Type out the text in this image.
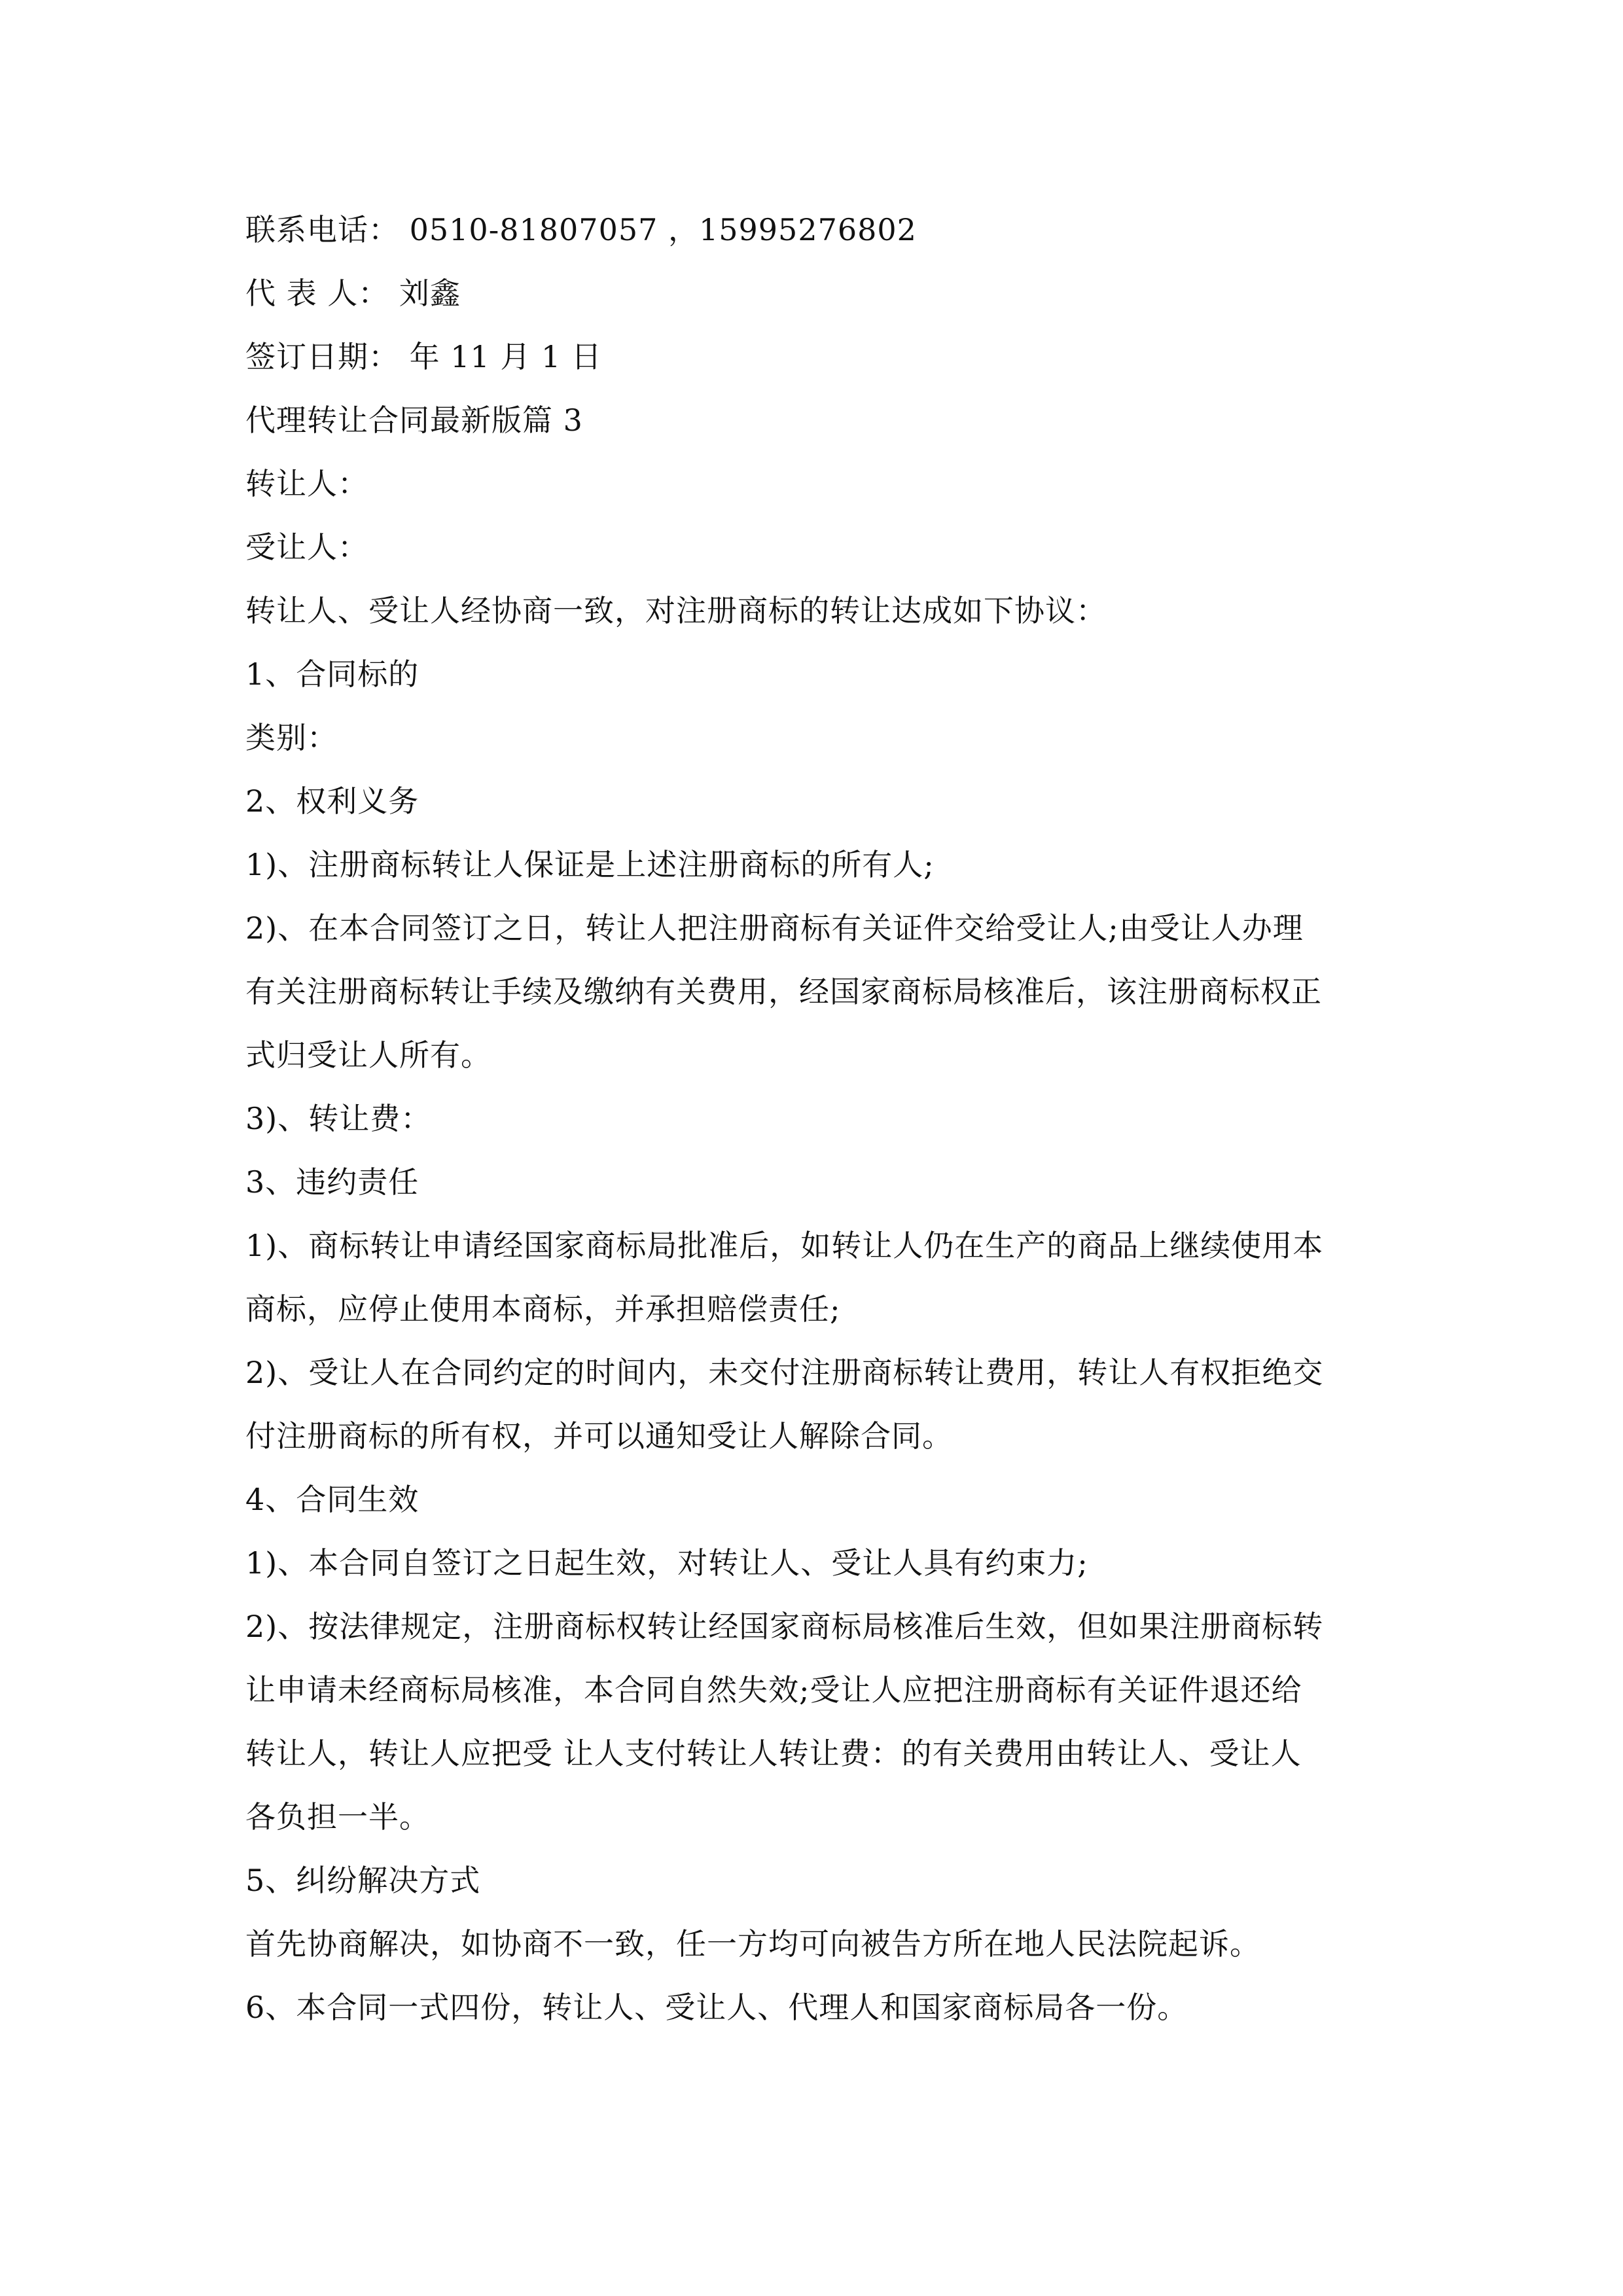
联系电话： 0510-81807057 ，15995276802

代 表 人： 刘鑫

签订日期： 年 11 月 1 日

代理转让合同最新版篇 3

转让人：

受让人：

转让人、受让人经协商一致，对注册商标的转让达成如下协议：

1、合同标的

类别：

2、权利义务

1)、注册商标转让人保证是上述注册商标的所有人;

2)、在本合同签订之日，转让人把注册商标有关证件交给受让人;由受让人办理

有关注册商标转让手续及缴纳有关费用，经国家商标局核准后，该注册商标权正

式归受让人所有。

3)、转让费：

3、违约责任

1)、商标转让申请经国家商标局批准后，如转让人仍在生产的商品上继续使用本

商标，应停止使用本商标，并承担赔偿责任;

2)、受让人在合同约定的时间内，未交付注册商标转让费用，转让人有权拒绝交

付注册商标的所有权，并可以通知受让人解除合同。

4、合同生效

1)、本合同自签订之日起生效，对转让人、受让人具有约束力;

2)、按法律规定，注册商标权转让经国家商标局核准后生效，但如果注册商标转

让申请未经商标局核准，本合同自然失效;受让人应把注册商标有关证件退还给

转让人，转让人应把受 让人支付转让人转让费：的有关费用由转让人、受让人

各负担一半。

5、纠纷解决方式

首先协商解决，如协商不一致，任一方均可向被告方所在地人民法院起诉。

6、本合同一式四份，转让人、受让人、代理人和国家商标局各一份。
